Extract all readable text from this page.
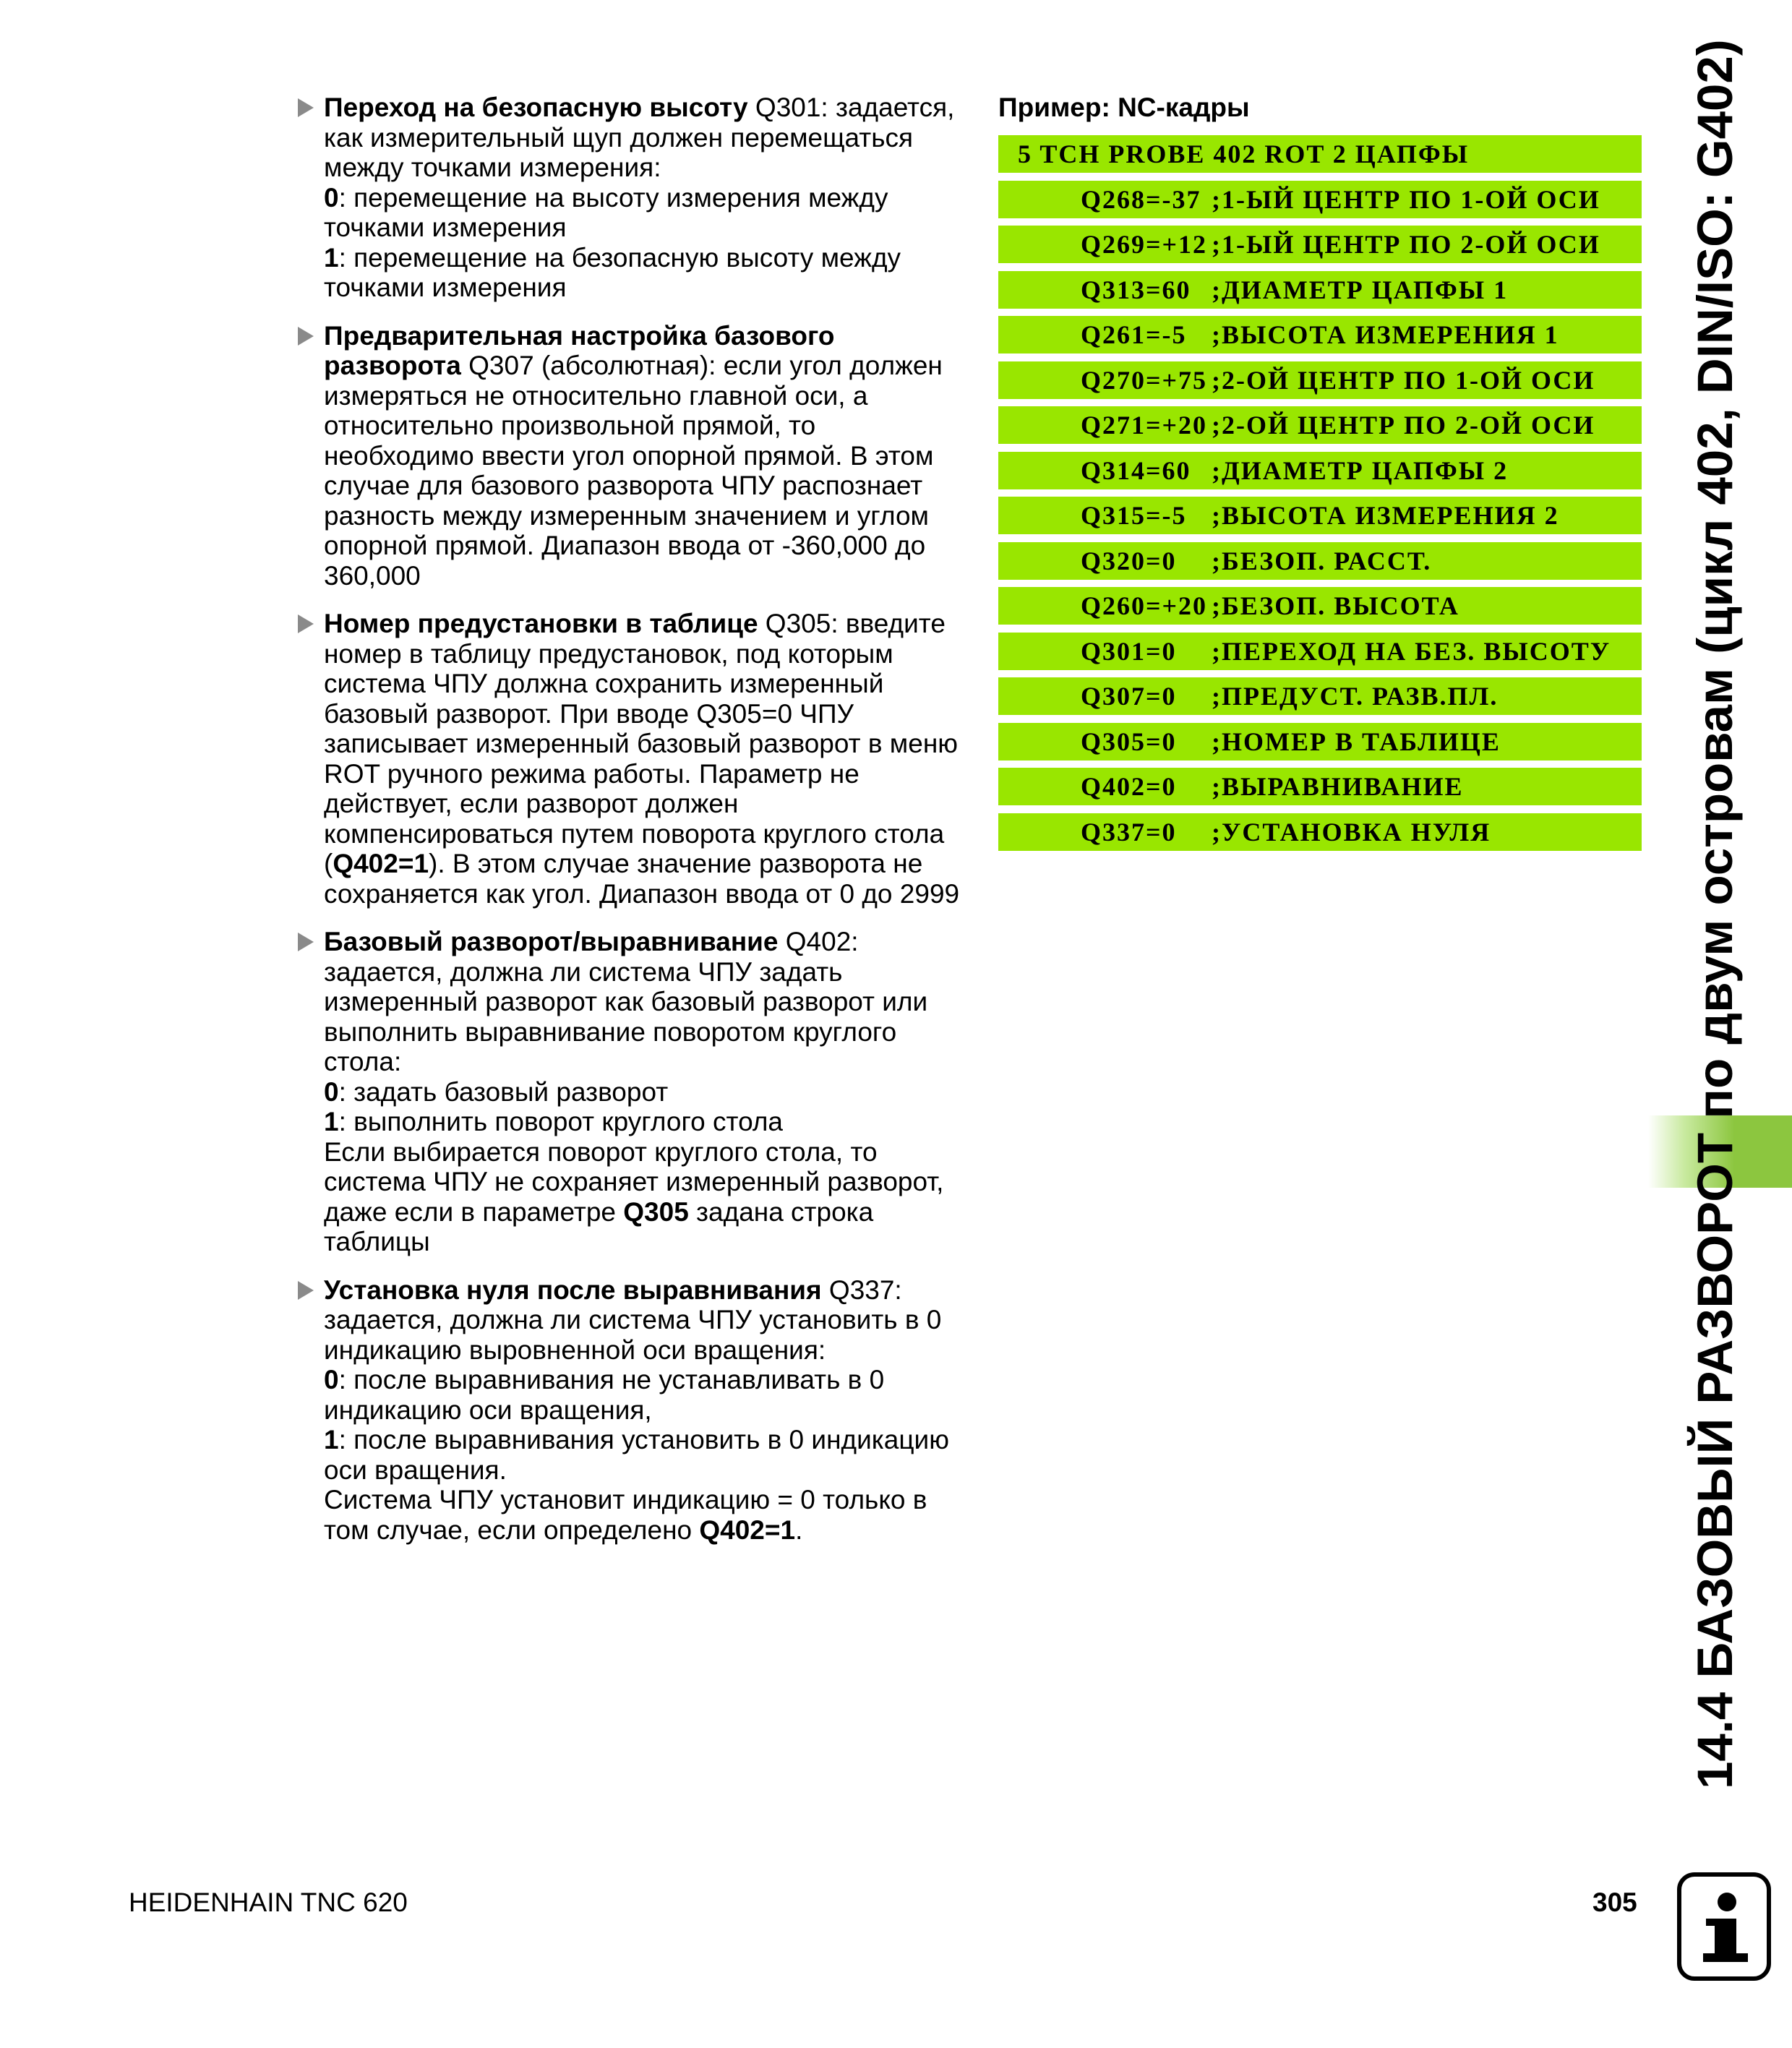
Переход на безопасную высоту Q301: задается,

как измерительный щуп должен перемещаться

между точками измерения:

0: перемещение на высоту измерения между

точками измерения

1: перемещение на безопасную высоту между

точками измерения

Предварительная настройка базового

разворота Q307 (абсолютная): если угол должен

измеряться не относительно главной оси, а

относительно произвольной прямой, то

необходимо ввести угол опорной прямой. В этом

случае для базового разворота ЧПУ распознает

разность между измеренным значением и углом

опорной прямой. Диапазон ввода от -360,000 до

360,000

Номер предустановки в таблице Q305: введите

номер в таблицу предустановок, под которым

система ЧПУ должна сохранить измеренный

базовый разворот. При вводе Q305=0 ЧПУ

записывает измеренный базовый разворот в меню

ROT ручного режима работы. Параметр не

действует, если разворот должен

компенсироваться путем поворота круглого стола

(Q402=1). В этом случае значение разворота не

сохраняется как угол. Диапазон ввода от 0 до 2999

Базовый разворот/выравнивание Q402:

задается, должна ли система ЧПУ задать

измеренный разворот как базовый разворот или

выполнить выравнивание поворотом круглого

стола:

0: задать базовый разворот

1: выполнить поворот круглого стола

Если выбирается поворот круглого стола, то

система ЧПУ не сохраняет измеренный разворот,

даже если в параметре Q305 задана строка

таблицы

Установка нуля после выравнивания Q337:

задается, должна ли система ЧПУ установить в 0

индикацию выровненной оси вращения:

0: после выравнивания не устанавливать в 0

индикацию оси вращения,

1: после выравнивания установить в 0 индикацию

оси вращения.

Система ЧПУ установит индикацию = 0 только в

том случае, если определено Q402=1.

Пример: NC-кадры
5 TCH PROBE 402 ROT 2 ЦАПФЫ
Q268=-37 ;1-ЫЙ ЦЕНТР ПО 1-ОЙ ОСИ
Q269=+12 ;1-ЫЙ ЦЕНТР ПО 2-ОЙ ОСИ
Q313=60 ;ДИАМЕТР ЦАПФЫ 1
Q261=-5 ;ВЫСОТА ИЗМЕРЕНИЯ 1
Q270=+75 ;2-ОЙ ЦЕНТР ПО 1-ОЙ ОСИ
Q271=+20 ;2-ОЙ ЦЕНТР ПО 2-ОЙ ОСИ
Q314=60 ;ДИАМЕТР ЦАПФЫ 2
Q315=-5 ;ВЫСОТА ИЗМЕРЕНИЯ 2
Q320=0 ;БЕЗОП. РАССТ.
Q260=+20 ;БЕЗОП. ВЫСОТА
Q301=0 ;ПЕРЕХОД НА БЕЗ. ВЫСОТУ
Q307=0 ;ПРЕДУСТ. РАЗВ.ПЛ.
Q305=0 ;НОМЕР В ТАБЛИЦЕ
Q402=0 ;ВЫРАВНИВАНИЕ
Q337=0 ;УСТАНОВКА НУЛЯ	14.4 БАЗОВЫЙ РАЗВОРОТ по двум островам (цикл 402, DIN/ISO: G402)
HEIDENHAIN TNC 620	305
